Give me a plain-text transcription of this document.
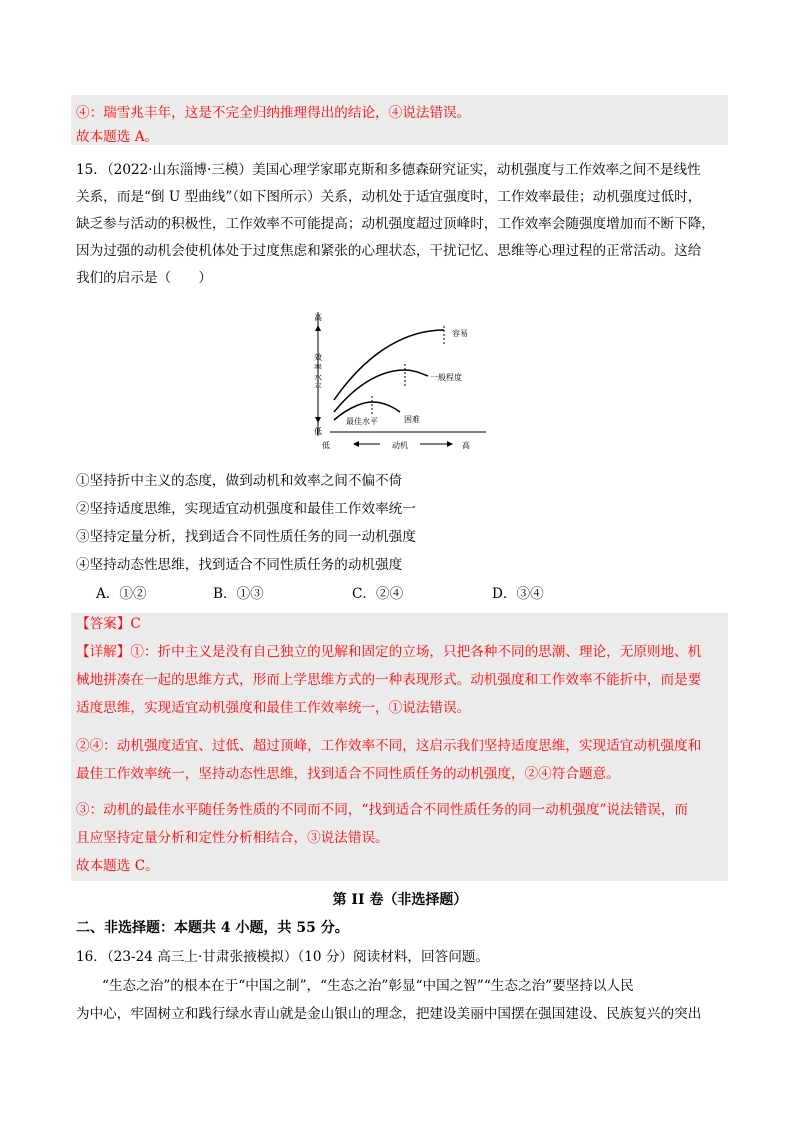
④：瑞雪兆丰年，这是不完全归纳推理得出的结论，④说法错误。
故本题选 A。
15．（2022·山东淄博·三模）美国心理学家耶克斯和多德森研究证实，动机强度与工作效率之间不是线性
关系，而是“倒 U 型曲线”（如下图所示）关系，动机处于适宜强度时，工作效率最佳；动机强度过低时，
缺乏参与活动的积极性，工作效率不可能提高；动机强度超过顶峰时，工作效率会随强度增加而不断下降，
因为过强的动机会使机体处于过度焦虑和紧张的心理状态，干扰记忆、思维等心理过程的正常活动。这给
我们的启示是（　　）
高
效
率
水
平
低
低	动机	高
容易
一般程度
困难
最佳水平
①坚持折中主义的态度，做到动机和效率之间不偏不倚
②坚持适度思维，实现适宜动机强度和最佳工作效率统一
③坚持定量分析，找到适合不同性质任务的同一动机强度
④坚持动态性思维，找到适合不同性质任务的动机强度
A．①②	B．①③	C．②④	D．③④
【答案】C
【详解】①：折中主义是没有自己独立的见解和固定的立场，只把各种不同的思潮、理论，无原则地、机
械地拼凑在一起的思维方式，形而上学思维方式的一种表现形式。动机强度和工作效率不能折中，而是要
适度思维，实现适宜动机强度和最佳工作效率统一，①说法错误。
②④：动机强度适宜、过低、超过顶峰，工作效率不同，这启示我们坚持适度思维，实现适宜动机强度和
最佳工作效率统一，坚持动态性思维，找到适合不同性质任务的动机强度，②④符合题意。
③：动机的最佳水平随任务性质的不同而不同，“找到适合不同性质任务的同一动机强度”说法错误，而
且应坚持定量分析和定性分析相结合，③说法错误。
故本题选 C。
第 II 卷（非选择题）
二、非选择题：本题共 4 小题，共 55 分。
16．（23-24 高三上·甘肃张掖模拟）（10 分）阅读材料，回答问题。
“生态之治”的根本在于“中国之制”，“生态之治”彰显“中国之智”“生态之治”要坚持以人民
为中心，牢固树立和践行绿水青山就是金山银山的理念，把建设美丽中国摆在强国建设、民族复兴的突出
